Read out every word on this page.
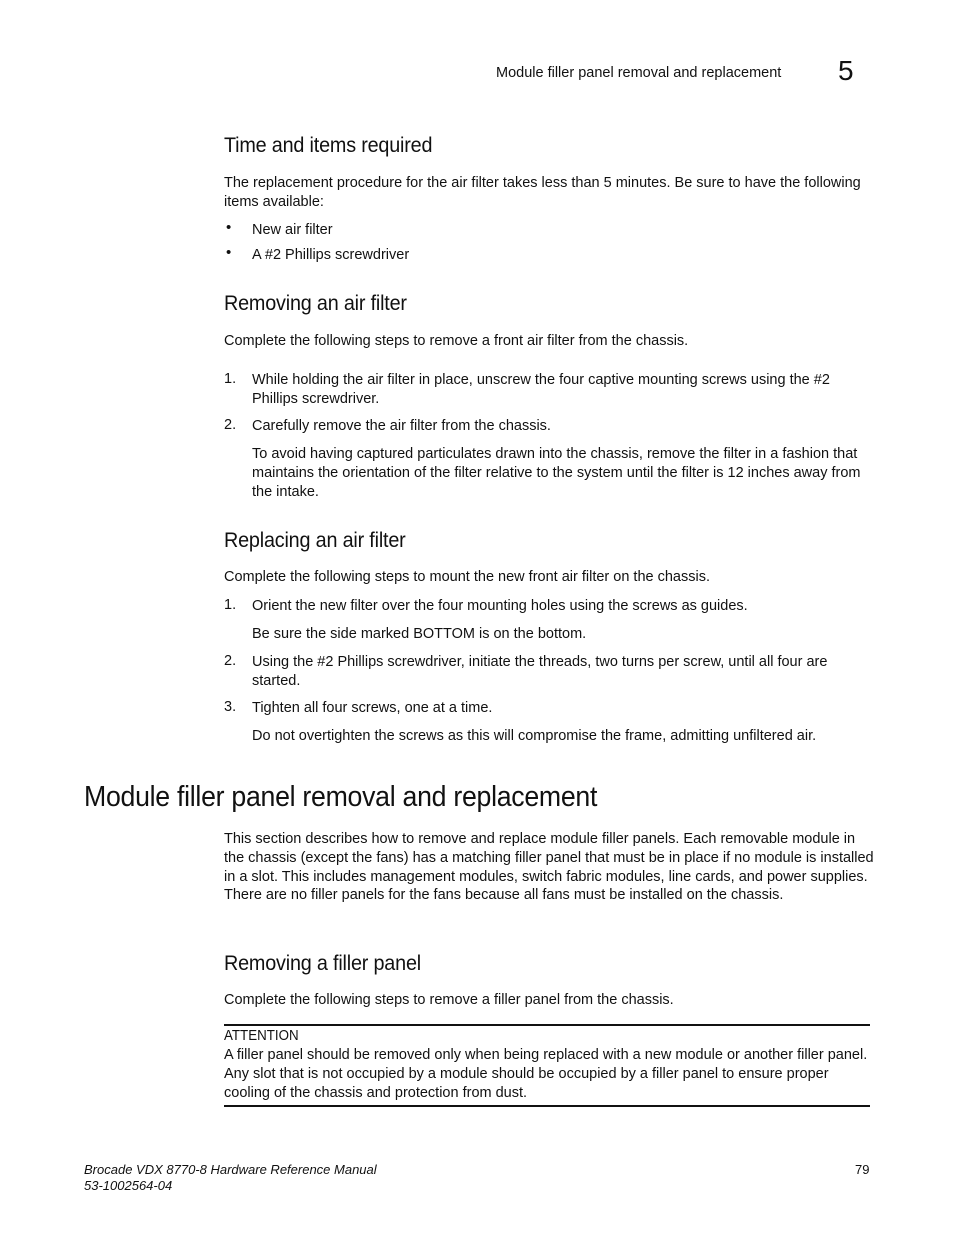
Module filler panel removal and replacement 5
Time and items required
The replacement procedure for the air filter takes less than 5 minutes. Be sure to have the following items available:
• New air filter
• A #2 Phillips screwdriver
Removing an air filter
Complete the following steps to remove a front air filter from the chassis.
1. While holding the air filter in place, unscrew the four captive mounting screws using the #2 Phillips screwdriver.
2. Carefully remove the air filter from the chassis.
To avoid having captured particulates drawn into the chassis, remove the filter in a fashion that maintains the orientation of the filter relative to the system until the filter is 12 inches away from the intake.
Replacing an air filter
Complete the following steps to mount the new front air filter on the chassis.
1. Orient the new filter over the four mounting holes using the screws as guides.
Be sure the side marked BOTTOM is on the bottom.
2. Using the #2 Phillips screwdriver, initiate the threads, two turns per screw, until all four are started.
3. Tighten all four screws, one at a time.
Do not overtighten the screws as this will compromise the frame, admitting unfiltered air.
Module filler panel removal and replacement
This section describes how to remove and replace module filler panels. Each removable module in the chassis (except the fans) has a matching filler panel that must be in place if no module is installed in a slot. This includes management modules, switch fabric modules, line cards, and power supplies. There are no filler panels for the fans because all fans must be installed on the chassis.
Removing a filler panel
Complete the following steps to remove a filler panel from the chassis.
ATTENTION
A filler panel should be removed only when being replaced with a new module or another filler panel. Any slot that is not occupied by a module should be occupied by a filler panel to ensure proper cooling of the chassis and protection from dust.
Brocade VDX 8770-8 Hardware Reference Manual
53-1002564-04
79
